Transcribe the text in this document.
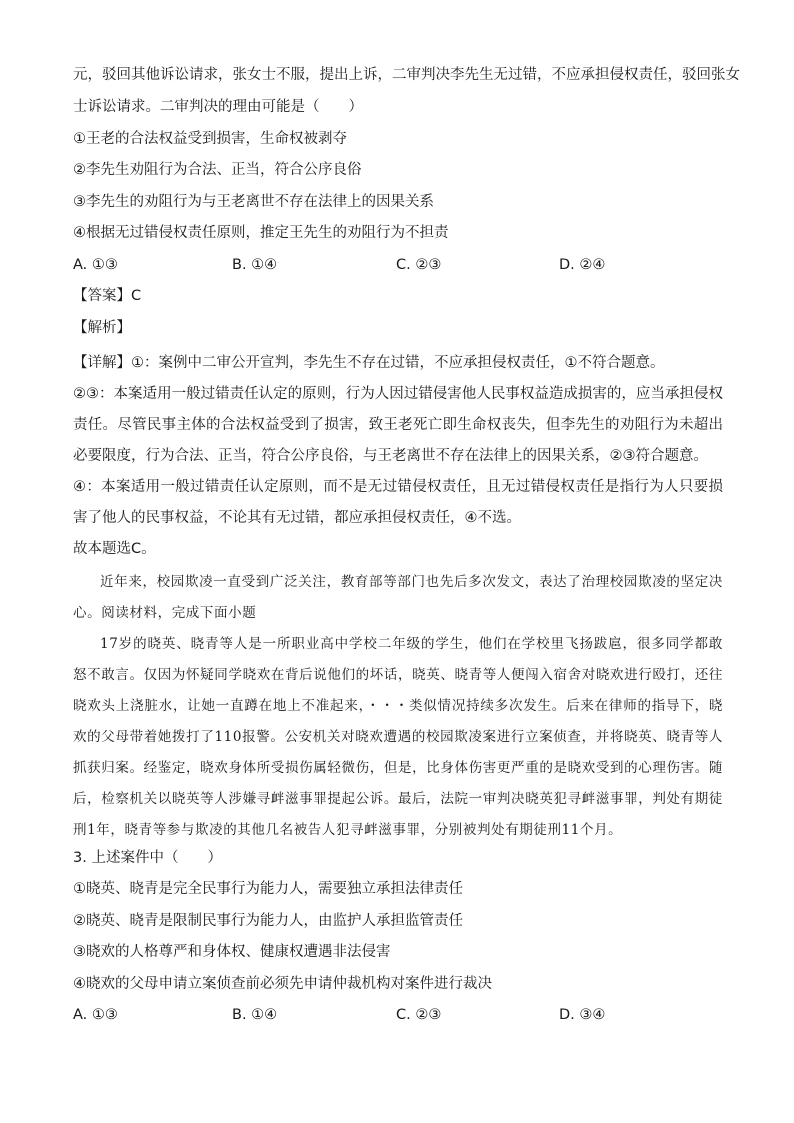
元，驳回其他诉讼请求，张女士不服，提出上诉，二审判决李先生无过错，不应承担侵权责任，驳回张女
士诉讼请求。二审判决的理由可能是（　　）
①王老的合法权益受到损害，生命权被剥夺
②李先生劝阻行为合法、正当，符合公序良俗
③李先生的劝阻行为与王老离世不存在法律上的因果关系
④根据无过错侵权责任原则，推定王先生的劝阻行为不担责
A. ①③	B. ①④	C. ②③	D. ②④
【答案】C
【解析】

【详解】①：案例中二审公开宣判，李先生不存在过错，不应承担侵权责任，①不符合题意。

②③：本案适用一般过错责任认定的原则，行为人因过错侵害他人民事权益造成损害的，应当承担侵权责任。尽管民事主体的合法权益受到了损害，致王老死亡即生命权丧失，但李先生的劝阻行为未超出必要限度，行为合法、正当，符合公序良俗，与王老离世不存在法律上的因果关系，②③符合题意。

④：本案适用一般过错责任认定原则，而不是无过错侵权责任，且无过错侵权责任是指行为人只要损害了他人的民事权益，不论其有无过错，都应承担侵权责任，④不选。

故本题选C。

近年来，校园欺凌一直受到广泛关注，教育部等部门也先后多次发文，表达了治理校园欺凌的坚定决心。阅读材料，完成下面小题

17岁的晓英、晓青等人是一所职业高中学校二年级的学生，他们在学校里飞扬跋扈，很多同学都敢怒不敢言。仅因为怀疑同学晓欢在背后说他们的坏话，晓英、晓青等人便闯入宿舍对晓欢进行殴打，还往晓欢头上浇脏水，让她一直蹲在地上不准起来，・・・类似情况持续多次发生。后来在律师的指导下，晓欢的父母带着她拨打了110报警。公安机关对晓欢遭遇的校园欺凌案进行立案侦查，并将晓英、晓青等人抓获归案。经鉴定，晓欢身体所受损伤属轻微伤，但是，比身体伤害更严重的是晓欢受到的心理伤害。随后，检察机关以晓英等人涉嫌寻衅滋事罪提起公诉。最后，法院一审判决晓英犯寻衅滋事罪，判处有期徒刑1年，晓青等参与欺凌的其他几名被告人犯寻衅滋事罪，分别被判处有期徒刑11个月。

3. 上述案件中（　　）
①晓英、晓青是完全民事行为能力人，需要独立承担法律责任
②晓英、晓青是限制民事行为能力人，由监护人承担监管责任
③晓欢的人格尊严和身体权、健康权遭遇非法侵害
④晓欢的父母申请立案侦查前必须先申请仲裁机构对案件进行裁决
A. ①③	B. ①④	C. ②③	D. ③④
